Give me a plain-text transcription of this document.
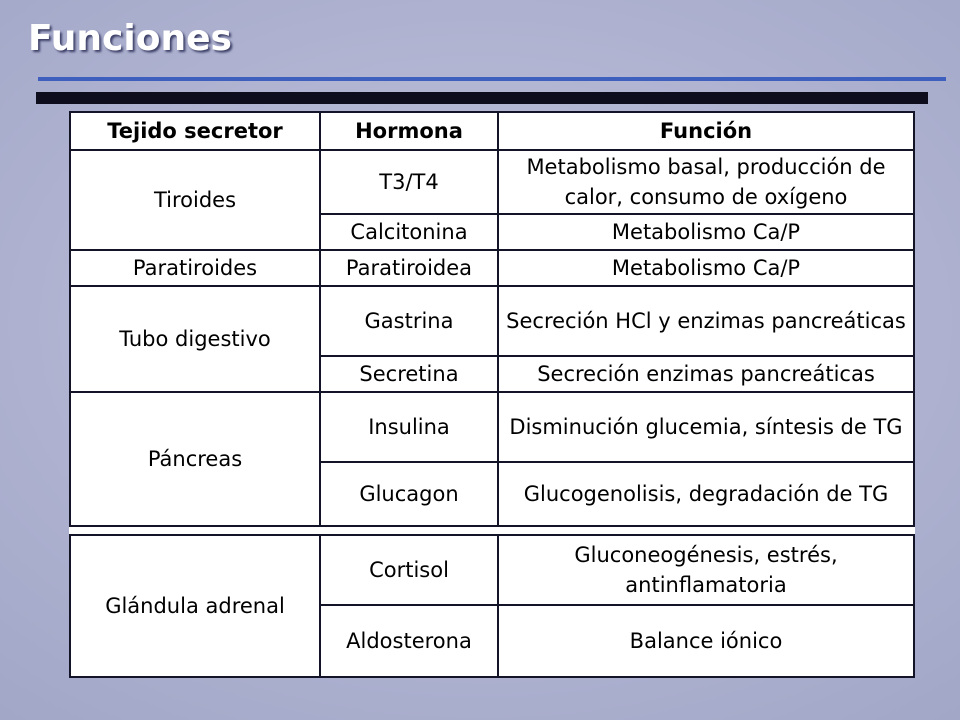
Funciones
Tejido secretor	Hormona	Función
Tiroides	T3/T4	Metabolismo basal, producción de calor, consumo de oxígeno
	Calcitonina	Metabolismo Ca/P
Paratiroides	Paratiroidea	Metabolismo Ca/P
Tubo digestivo	Gastrina	Secreción HCl y enzimas pancreáticas
	Secretina	Secreción enzimas pancreáticas
Páncreas	Insulina	Disminución glucemia, síntesis de TG
	Glucagon	Glucogenolisis, degradación de TG

Glándula adrenal	Cortisol	Gluconeogénesis, estrés, antinflamatoria
	Aldosterona	Balance iónico
